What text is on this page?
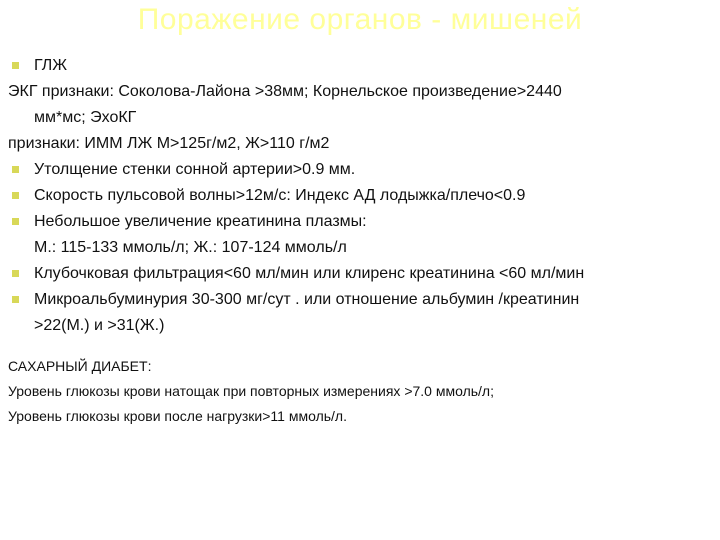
Поражение органов - мишеней
ГЛЖ
ЭКГ признаки: Соколова-Лайона >38мм; Корнельское произведение>2440
мм*мс; ЭхоКГ
признаки: ИММ ЛЖ М>125г/м2, Ж>110 г/м2
Утолщение стенки сонной артерии>0.9 мм.
Скорость пульсовой волны>12м/с: Индекс АД лодыжка/плечо<0.9
Небольшое увеличение креатинина плазмы:
М.: 115-133 ммоль/л; Ж.: 107-124 ммоль/л
Клубочковая фильтрация<60 мл/мин или клиренс креатинина <60 мл/мин
Микроальбуминурия 30-300 мг/сут . или отношение альбумин /креатинин
>22(М.) и >31(Ж.)
САХАРНЫЙ ДИАБЕТ:
Уровень глюкозы крови натощак при повторных измерениях >7.0 ммоль/л;
Уровень глюкозы крови после нагрузки>11 ммоль/л.
